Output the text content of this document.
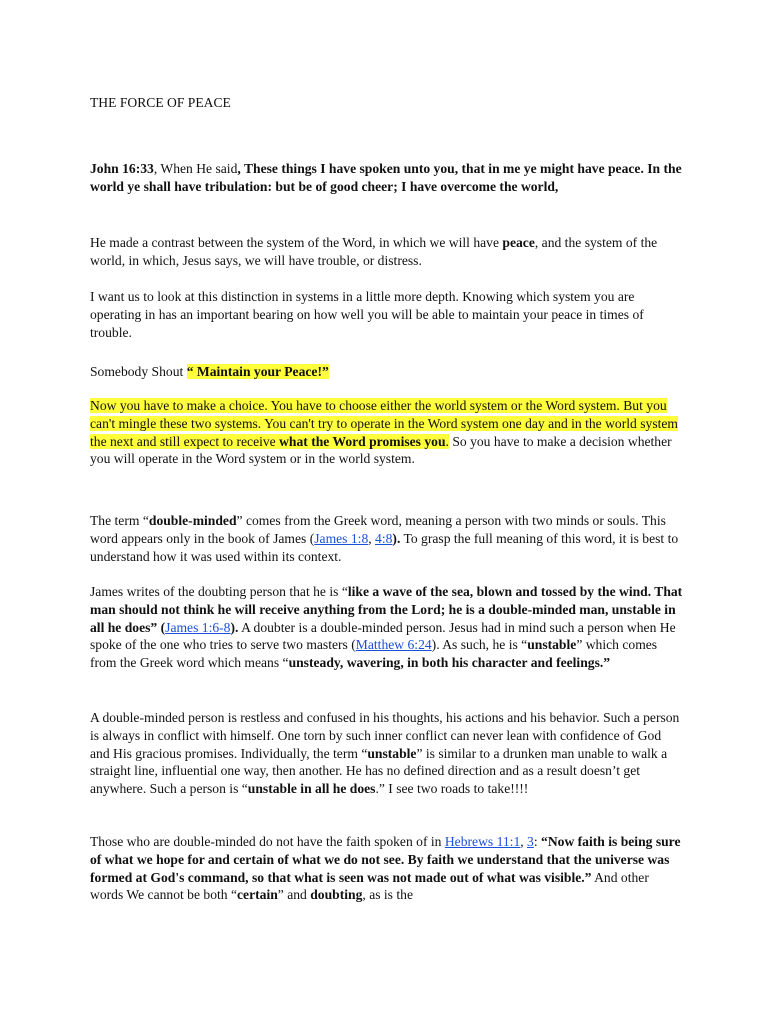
THE FORCE OF PEACE

John 16:33, When He said, These things I have spoken unto you, that in me ye might have peace. In the world ye shall have tribulation: but be of good cheer; I have overcome the world,

He made a contrast between the system of the Word, in which we will have peace, and the system of the world, in which, Jesus says, we will have trouble, or distress.

I want us to look at this distinction in systems in a little more depth. Knowing which system you are operating in has an important bearing on how well you will be able to maintain your peace in times of trouble.

Somebody Shout “ Maintain your Peace!”

Now you have to make a choice. You have to choose either the world system or the Word system. But you can't mingle these two systems. You can't try to operate in the Word system one day and in the world system the next and still expect to receive what the Word promises you. So you have to make a decision whether you will operate in the Word system or in the world system.

The term “double-minded” comes from the Greek word, meaning a person with two minds or souls. This word appears only in the book of James (James 1:8, 4:8). To grasp the full meaning of this word, it is best to understand how it was used within its context.

James writes of the doubting person that he is “like a wave of the sea, blown and tossed by the wind. That man should not think he will receive anything from the Lord; he is a double-minded man, unstable in all he does” (James 1:6-8). A doubter is a double-minded person. Jesus had in mind such a person when He spoke of the one who tries to serve two masters (Matthew 6:24). As such, he is “unstable” which comes from the Greek word which means “unsteady, wavering, in both his character and feelings.”

A double-minded person is restless and confused in his thoughts, his actions and his behavior. Such a person is always in conflict with himself. One torn by such inner conflict can never lean with confidence of God and His gracious promises. Individually, the term “unstable” is similar to a drunken man unable to walk a straight line, influential one way, then another. He has no defined direction and as a result doesn’t get anywhere. Such a person is “unstable in all he does.” I see two roads to take!!!!

Those who are double-minded do not have the faith spoken of in Hebrews 11:1, 3: “Now faith is being sure of what we hope for and certain of what we do not see. By faith we understand that the universe was formed at God's command, so that what is seen was not made out of what was visible.” And other words We cannot be both “certain” and doubting, as is the
